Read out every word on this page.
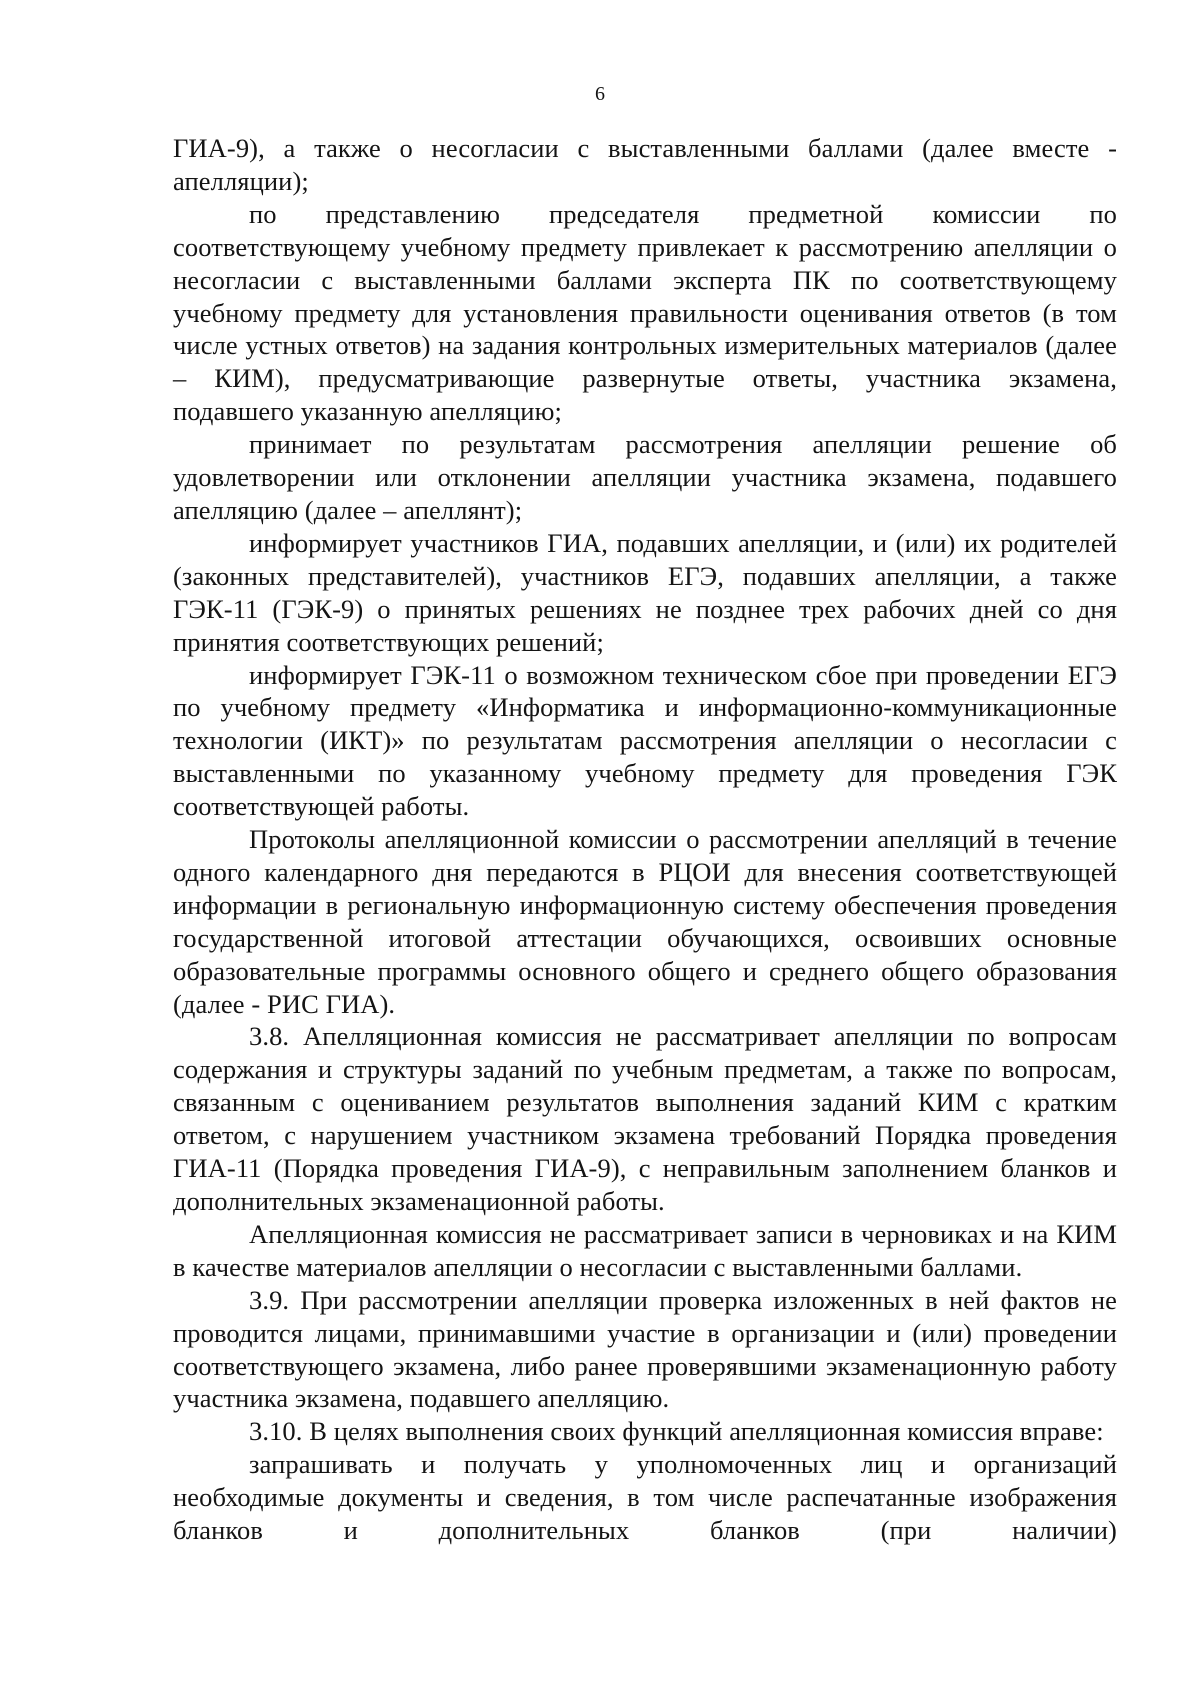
6

ГИА-9), а также о несогласии с выставленными баллами (далее вместе - апелляции);

по представлению председателя предметной комиссии по соответствующему учебному предмету привлекает к рассмотрению апелляции о несогласии с выставленными баллами эксперта ПК по соответствующему учебному предмету для установления правильности оценивания ответов (в том числе устных ответов) на задания контрольных измерительных материалов (далее – КИМ), предусматривающие развернутые ответы, участника экзамена, подавшего указанную апелляцию;

принимает по результатам рассмотрения апелляции решение об удовлетворении или отклонении апелляции участника экзамена, подавшего апелляцию (далее – апеллянт);

информирует участников ГИА, подавших апелляции, и (или) их родителей (законных представителей), участников ЕГЭ, подавших апелляции, а также ГЭК-11 (ГЭК-9) о принятых решениях не позднее трех рабочих дней со дня принятия соответствующих решений;

информирует ГЭК-11 о возможном техническом сбое при проведении ЕГЭ по учебному предмету «Информатика и информационно-коммуникационные технологии (ИКТ)» по результатам рассмотрения апелляции о несогласии с выставленными по указанному учебному предмету для проведения ГЭК соответствующей работы.

Протоколы апелляционной комиссии о рассмотрении апелляций в течение одного календарного дня передаются в РЦОИ для внесения соответствующей информации в региональную информационную систему обеспечения проведения государственной итоговой аттестации обучающихся, освоивших основные образовательные программы основного общего и среднего общего образования (далее - РИС ГИА).

3.8. Апелляционная комиссия не рассматривает апелляции по вопросам содержания и структуры заданий по учебным предметам, а также по вопросам, связанным с оцениванием результатов выполнения заданий КИМ с кратким ответом, с нарушением участником экзамена требований Порядка проведения ГИА-11 (Порядка проведения ГИА-9), с неправильным заполнением бланков и дополнительных экзаменационной работы.

Апелляционная комиссия не рассматривает записи в черновиках и на КИМ в качестве материалов апелляции о несогласии с выставленными баллами.

3.9. При рассмотрении апелляции проверка изложенных в ней фактов не проводится лицами, принимавшими участие в организации и (или) проведении соответствующего экзамена, либо ранее проверявшими экзаменационную работу участника экзамена, подавшего апелляцию.

3.10. В целях выполнения своих функций апелляционная комиссия вправе:

запрашивать и получать у уполномоченных лиц и организаций необходимые документы и сведения, в том числе распечатанные изображения бланков и дополнительных бланков (при наличии)
